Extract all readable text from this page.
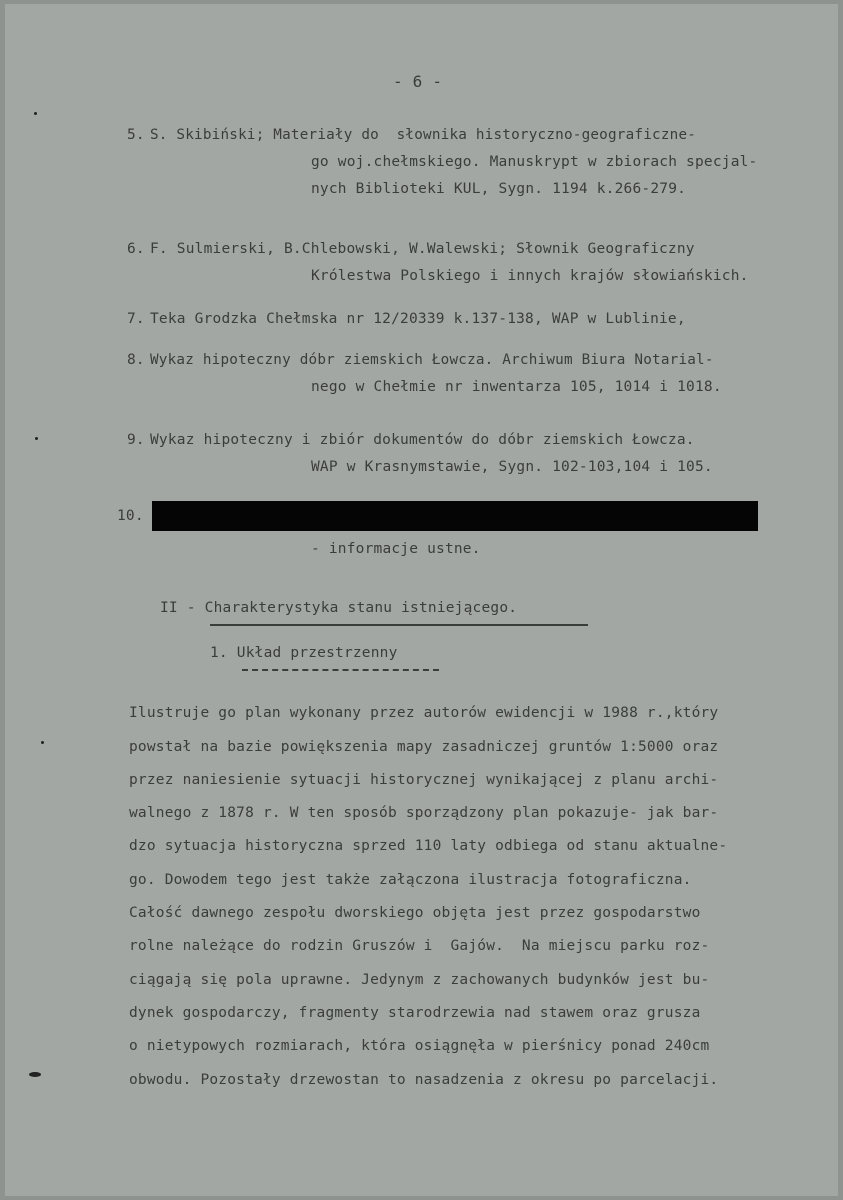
- 6 -
5. S. Skibiński; Materiały do  słownika historyczno-geograficzne-
go woj.chełmskiego. Manuskrypt w zbiorach specjal-
nych Biblioteki KUL, Sygn. 1194 k.266-279.
6. F. Sulmierski, B.Chlebowski, W.Walewski; Słownik Geograficzny
Królestwa Polskiego i innych krajów słowiańskich.
7. Teka Grodzka Chełmska nr 12/20339 k.137-138, WAP w Lublinie,
8. Wykaz hipoteczny dóbr ziemskich Łowcza. Archiwum Biura Notarial-
nego w Chełmie nr inwentarza 105, 1014 i 1018.
9. Wykaz hipoteczny i zbiór dokumentów do dóbr ziemskich Łowcza.
WAP w Krasnymstawie, Sygn. 102-103,104 i 105.
10.
- informacje ustne.
II - Charakterystyka stanu istniejącego.
1. Układ przestrzenny
Ilustruje go plan wykonany przez autorów ewidencji w 1988 r.,który
powstał na bazie powiększenia mapy zasadniczej gruntów 1:5000 oraz
przez naniesienie sytuacji historycznej wynikającej z planu archi-
walnego z 1878 r. W ten sposób sporządzony plan pokazuje- jak bar-
dzo sytuacja historyczna sprzed 110 laty odbiega od stanu aktualne-
go. Dowodem tego jest także załączona ilustracja fotograficzna.
Całość dawnego zespołu dworskiego objęta jest przez gospodarstwo
rolne należące do rodzin Gruszów i  Gajów.  Na miejscu parku roz-
ciągają się pola uprawne. Jedynym z zachowanych budynków jest bu-
dynek gospodarczy, fragmenty starodrzewia nad stawem oraz grusza
o nietypowych rozmiarach, która osiągnęła w pierśnicy ponad 240cm
obwodu. Pozostały drzewostan to nasadzenia z okresu po parcelacji.
